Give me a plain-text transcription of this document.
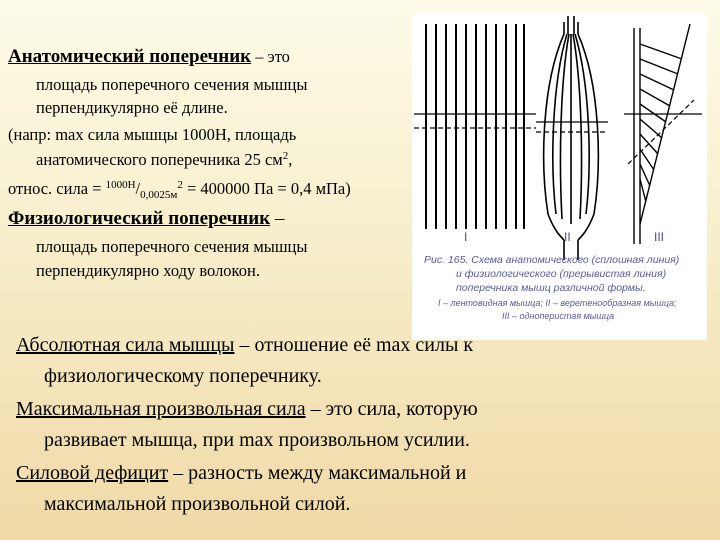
I	II	III
Рис. 165. Схема анатомического (сплошная линия)
и физиологического (прерывистая линия)
поперечника мышц различной формы.
I – лентовидная мышца; II – веретенообразная мышца;
III – одноперистая мышца
Анатомический поперечник – это
площадь поперечного сечения мышцы
перпендикулярно её длине.
(напр: max сила мышцы 1000Н, площадь
анатомического поперечника 25 $см^2$,
относ. сила = $^{1000Н}/_{0,0025м}^2 = 400000$ Па = 0,4 мПа)
Физиологический поперечник –
площадь поперечного сечения мышцы
перпендикулярно ходу волокон.
Абсолютная сила мышцы – отношение её max силы к
физиологическому поперечнику.
Максимальная произвольная сила – это сила, которую
развивает мышца, при max произвольном усилии.
Силовой дефицит – разность между максимальной и
максимальной произвольной силой.
